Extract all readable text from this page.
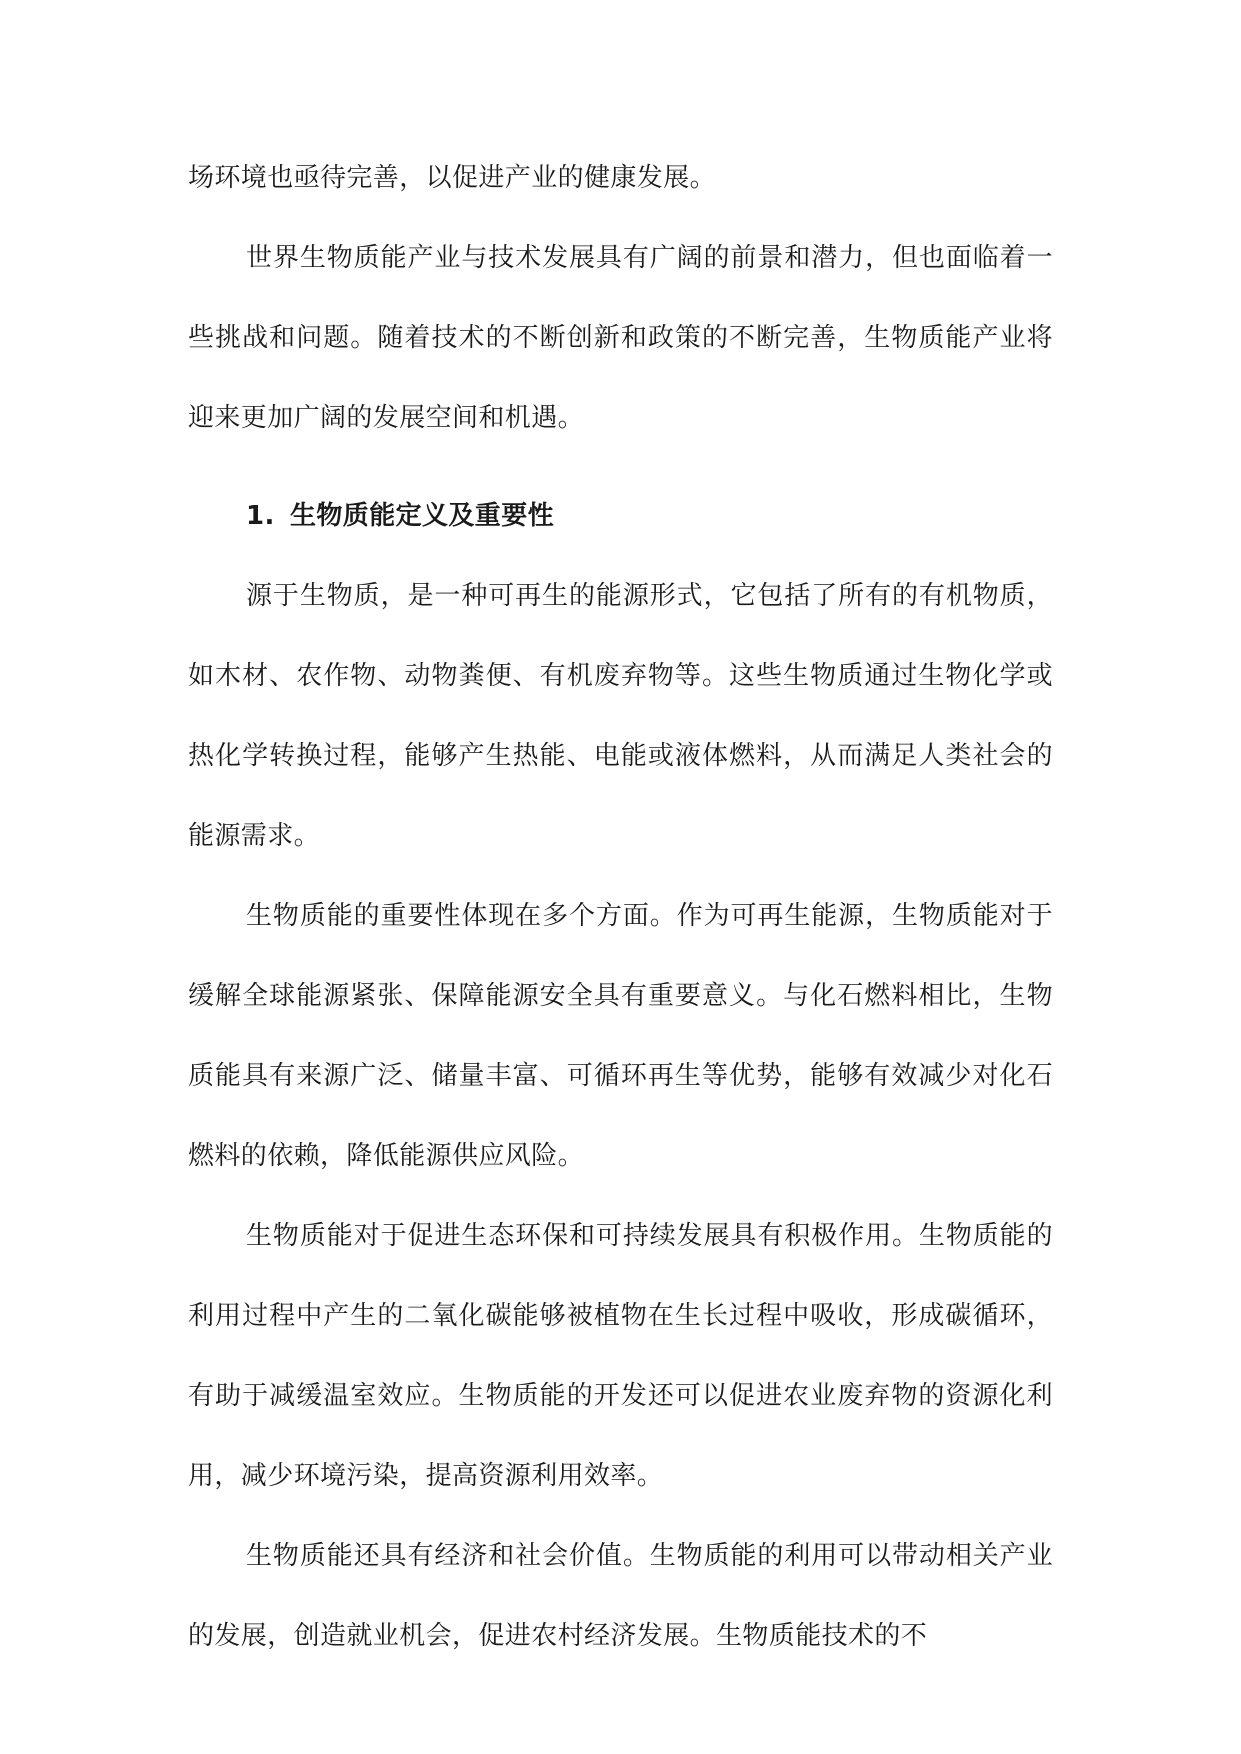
场环境也亟待完善，以促进产业的健康发展。

世界生物质能产业与技术发展具有广阔的前景和潜力，但也面临着一些挑战和问题。随着技术的不断创新和政策的不断完善，生物质能产业将迎来更加广阔的发展空间和机遇。

1. 生物质能定义及重要性

源于生物质，是一种可再生的能源形式，它包括了所有的有机物质，如木材、农作物、动物粪便、有机废弃物等。这些生物质通过生物化学或热化学转换过程，能够产生热能、电能或液体燃料，从而满足人类社会的能源需求。

生物质能的重要性体现在多个方面。作为可再生能源，生物质能对于缓解全球能源紧张、保障能源安全具有重要意义。与化石燃料相比，生物质能具有来源广泛、储量丰富、可循环再生等优势，能够有效减少对化石燃料的依赖，降低能源供应风险。

生物质能对于促进生态环保和可持续发展具有积极作用。生物质能的利用过程中产生的二氧化碳能够被植物在生长过程中吸收，形成碳循环，有助于减缓温室效应。生物质能的开发还可以促进农业废弃物的资源化利用，减少环境污染，提高资源利用效率。

生物质能还具有经济和社会价值。生物质能的利用可以带动相关产业的发展，创造就业机会，促进农村经济发展。生物质能技术的不
